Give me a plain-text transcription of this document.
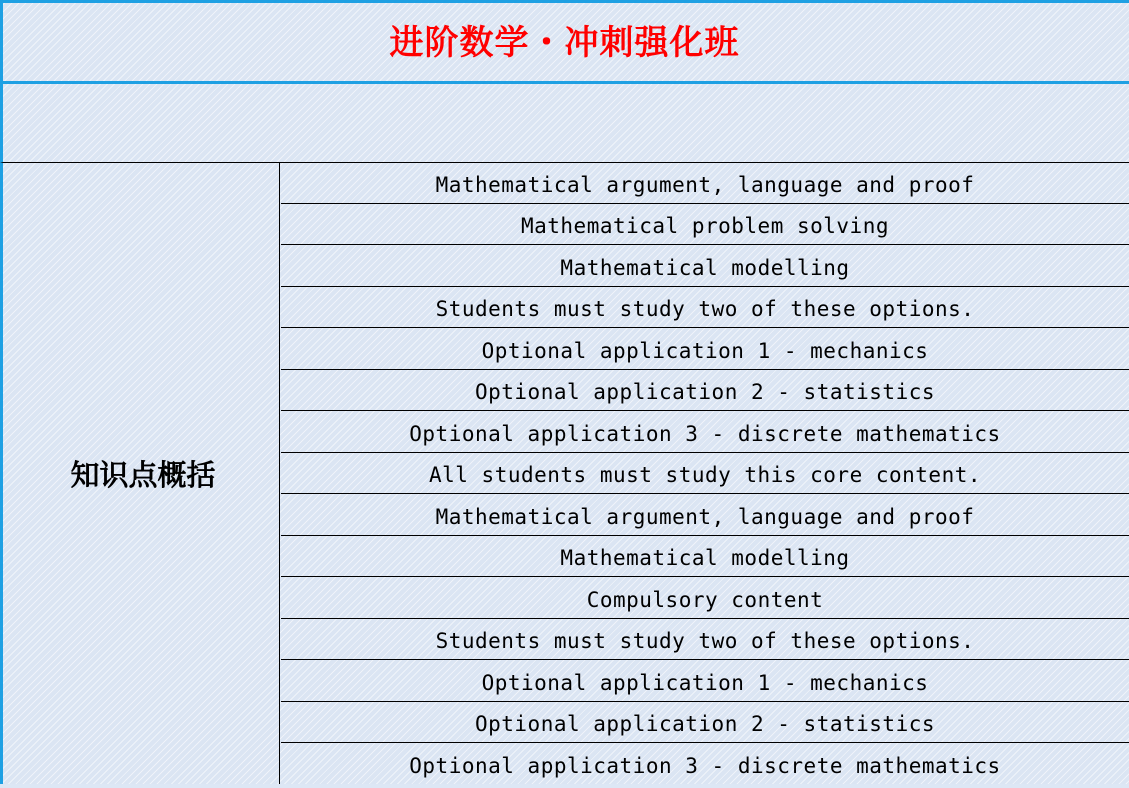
进阶数学・冲刺强化班
知识点概括
Mathematical argument, language and proof
Mathematical problem solving
Mathematical modelling
Students must study two of these options.
Optional application 1 - mechanics
Optional application 2 - statistics
Optional application 3 - discrete mathematics
All students must study this core content.
Mathematical argument, language and proof
Mathematical modelling
Compulsory content
Students must study two of these options.
Optional application 1 - mechanics
Optional application 2 - statistics
Optional application 3 - discrete mathematics
